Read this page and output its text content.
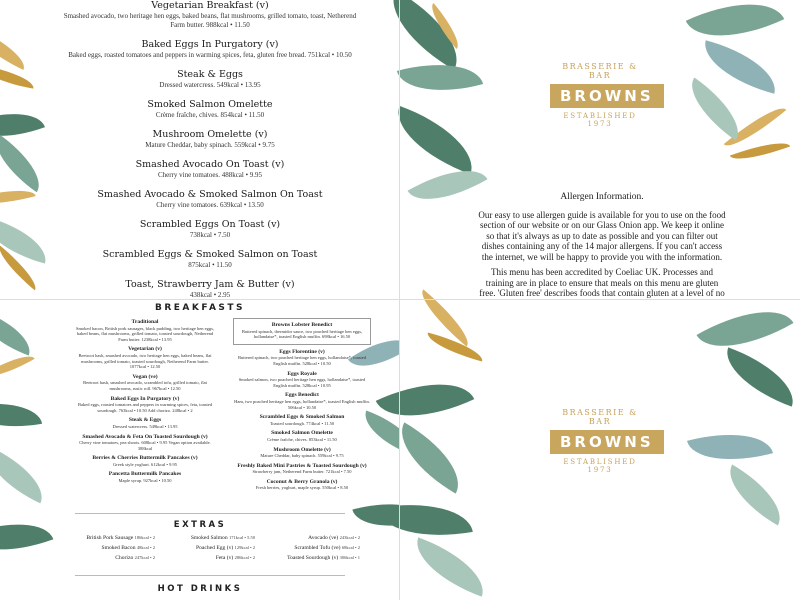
Vegetarian Breakfast (v)
Smashed avocado, two heritage hen eggs, baked beans, flat mushrooms, grilled tomato, toast, Netherend Farm butter. 988kcal • 11.50
Baked Eggs In Purgatory (v)
Baked eggs, roasted tomatoes and peppers in warming spices, feta, gluten free bread. 751kcal • 10.50
Steak & Eggs
Dressed watercress. 549kcal • 13.95
Smoked Salmon Omelette
Crème fraîche, chives. 854kcal • 11.50
Mushroom Omelette (v)
Mature Cheddar, baby spinach. 559kcal • 9.75
Smashed Avocado On Toast (v)
Cherry vine tomatoes. 488kcal • 9.95
Smashed Avocado & Smoked Salmon On Toast
Cherry vine tomatoes. 639kcal • 13.50
Scrambled Eggs On Toast (v)
738kcal • 7.50
Scrambled Eggs & Smoked Salmon on Toast
875kcal • 11.50
Toast, Strawberry Jam & Butter (v)
438kcal • 2.95
BRASSERIE & BAR
BROWNS
ESTABLISHED 1973
Allergen Information.

Our easy to use allergen guide is available for you to use on the food section of our website or on our Glass Onion app. We keep it online so that it's always as up to date as possible and you can filter out dishes containing any of the 14 major allergens. If you can't access the internet, we will be happy to provide you with the information.

This menu has been accredited by Coeliac UK. Processes and training are in place to ensure that meals on this menu are gluten free. 'Gluten free' describes foods that contain gluten at a level of no

BREAKFASTS
Traditional
Smoked bacon, British pork sausages, black pudding, two heritage hen eggs, baked beans, flat mushrooms, grilled tomato, toasted sourdough, Netherend Farm butter. 1238kcal • 13.95
Vegetarian (v)
Beetroot hash, smashed avocado, two heritage hen eggs, baked beans, flat mushrooms, grilled tomato, toasted sourdough, Netherend Farm butter. 1077kcal • 12.50
Vegan (ve)
Beetroot hash, smashed avocado, scrambled tofu, grilled tomato, flat mushrooms, rustic roll. 967kcal • 12.50
Baked Eggs In Purgatory (v)
Baked eggs, roasted tomatoes and peppers in warming spices, feta, toasted sourdough. 763kcal • 10.50 Add chorizo. 248kcal • 2
Steak & Eggs
Dressed watercress. 549kcal • 13.95
Smashed Avocado & Feta On Toasted Sourdough (v)
Cherry vine tomatoes, pea shoots. 608kcal • 9.95 Vegan option available. 388kcal
Berries & Cherries Buttermilk Pancakes (v)
Greek style yoghurt. 612kcal • 9.95
Pancetta Buttermilk Pancakes
Maple syrup. 927kcal • 10.50
Browns Lobster Benedict
Buttered spinach, thermidor sauce, two poached heritage hen eggs, hollandaise*, toasted English muffin. 698kcal • 16.50
Eggs Florentine (v)
Buttered spinach, two poached heritage hen eggs, hollandaise*, toasted English muffin. 528kcal • 10.50
Eggs Royale
Smoked salmon, two poached heritage hen eggs, hollandaise*, toasted English muffin. 528kcal • 10.95
Eggs Benedict
Ham, two poached heritage hen eggs, hollandaise*, toasted English muffin. 506kcal • 10.50
Scrambled Eggs & Smoked Salmon
Toasted sourdough. 774kcal • 11.50
Smoked Salmon Omelette
Crème fraîche, chives. 853kcal • 11.50
Mushroom Omelette (v)
Mature Cheddar, baby spinach. 559kcal • 9.75
Freshly Baked Mini Pastries & Toasted Sourdough (v)
Strawberry jam, Netherend Farm butter. 721kcal • 7.50
Coconut & Berry Granola (v)
Fresh berries, yoghurt, maple syrup. 550kcal • 8.50
EXTRAS
British Pork Sausage 186kcal • 2
Smoked Bacon 48kcal • 2
Chorizo 247kcal • 2
Smoked Salmon 171kcal • 5.50
Poached Egg (v) 129kcal • 2
Feta (v) 286kcal • 2
Avocado (ve) 243kcal • 2
Scrambled Tofu (ve) 68kcal • 2
Toasted Sourdough (v) 306kcal • 1
HOT DRINKS
BRASSERIE & BAR
BROWNS
ESTABLISHED 1973
